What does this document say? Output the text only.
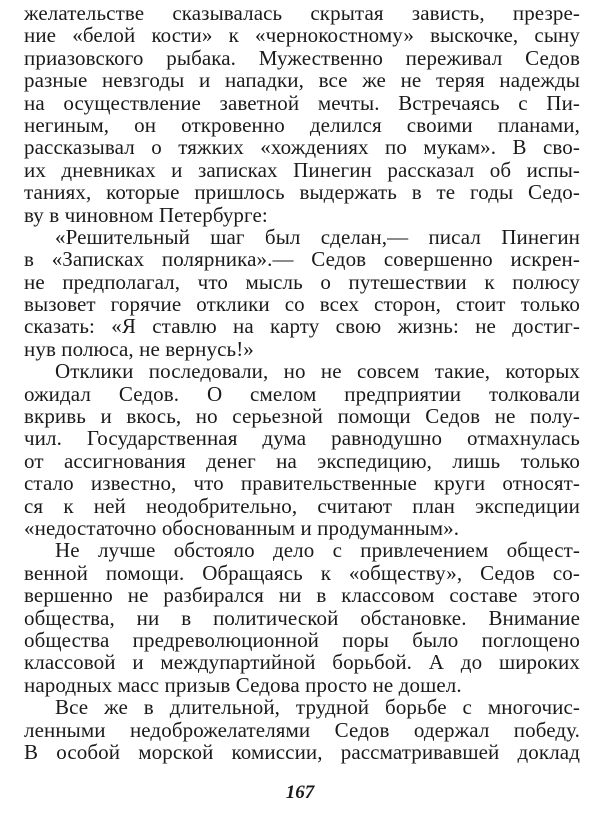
желательстве сказывалась скрытая зависть, презре-
ние «белой кости» к «чернокостному» выскочке, сыну
приазовского рыбака. Мужественно переживал Седов
разные невзгоды и нападки, все же не теряя надежды
на осуществление заветной мечты. Встречаясь с Пи-
негиным, он откровенно делился своими планами,
рассказывал о тяжких «хождениях по мукам». В сво-
их дневниках и записках Пинегин рассказал об испы-
таниях, которые пришлось выдержать в те годы Седо-
ву в чиновном Петербурге:
«Решительный шаг был сделан,— писал Пинегин
в «Записках полярника».— Седов совершенно искрен-
не предполагал, что мысль о путешествии к полюсу
вызовет горячие отклики со всех сторон, стоит только
сказать: «Я ставлю на карту свою жизнь: не достиг-
нув полюса, не вернусь!»
Отклики последовали, но не совсем такие, которых
ожидал Седов. О смелом предприятии толковали
вкривь и вкось, но серьезной помощи Седов не полу-
чил. Государственная дума равнодушно отмахнулась
от ассигнования денег на экспедицию, лишь только
стало известно, что правительственные круги относят-
ся к ней неодобрительно, считают план экспедиции
«недостаточно обоснованным и продуманным».
Не лучше обстояло дело с привлечением общест-
венной помощи. Обращаясь к «обществу», Седов со-
вершенно не разбирался ни в классовом составе этого
общества, ни в политической обстановке. Внимание
общества предреволюционной поры было поглощено
классовой и междупартийной борьбой. А до широких
народных масс призыв Седова просто не дошел.
Все же в длительной, трудной борьбе с многочис-
ленными недоброжелателями Седов одержал победу.
В особой морской комиссии, рассматривавшей доклад
167
